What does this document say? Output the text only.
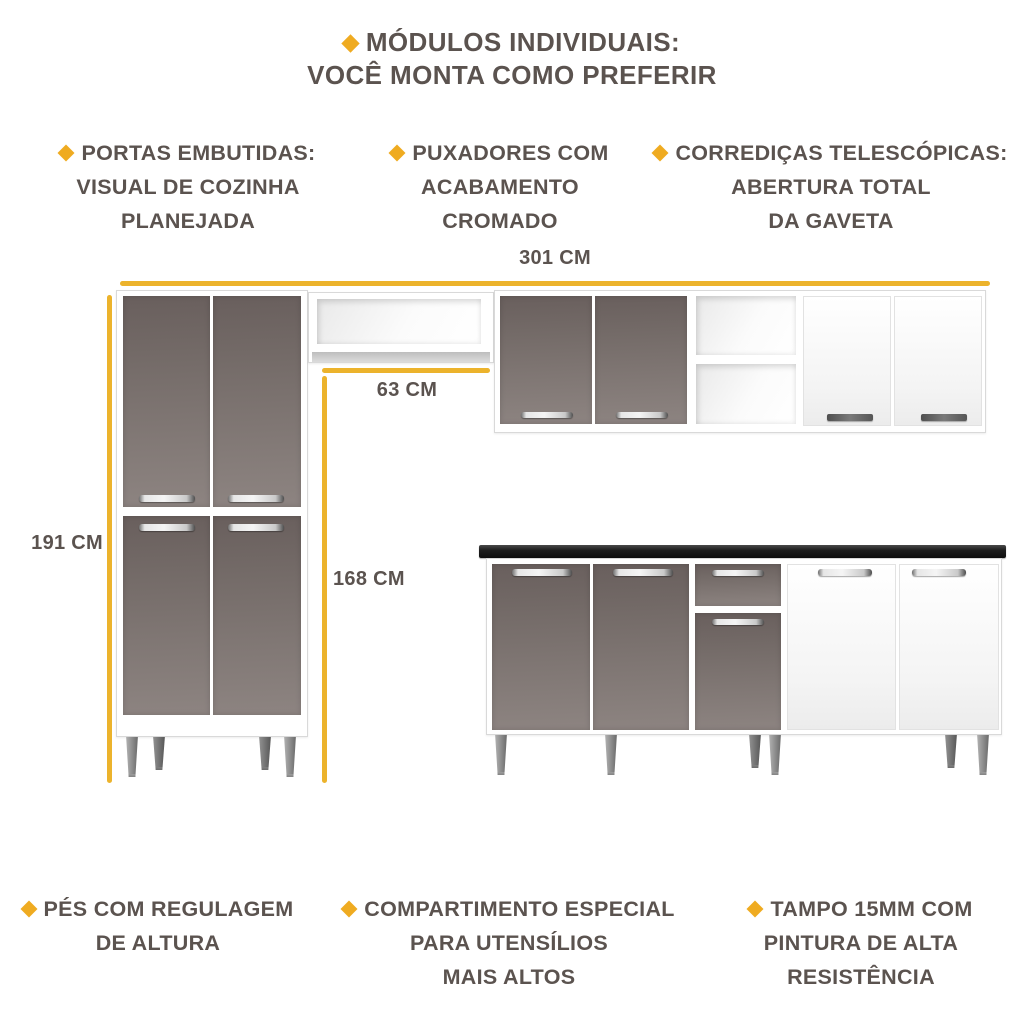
MÓDULOS INDIVIDUAIS:
VOCÊ MONTA COMO PREFERIR
PORTAS EMBUTIDAS:
VISUAL DE COZINHA
PLANEJADA
PUXADORES COM
ACABAMENTO
CROMADO
CORREDIÇAS TELESCÓPICAS:
ABERTURA TOTAL
DA GAVETA
301 CM
191 CM
63 CM
168 CM
PÉS COM REGULAGEM
DE ALTURA
COMPARTIMENTO ESPECIAL
PARA UTENSÍLIOS
MAIS ALTOS
TAMPO 15MM COM
PINTURA DE ALTA
RESISTÊNCIA
